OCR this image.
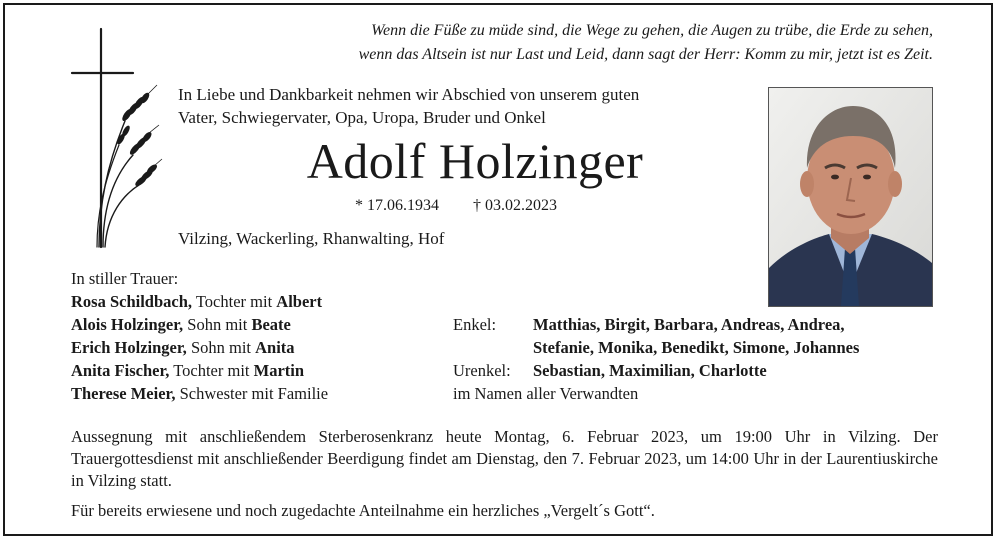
Wenn die Füße zu müde sind, die Wege zu gehen, die Augen zu trübe, die Erde zu sehen,
wenn das Altsein ist nur Last und Leid, dann sagt der Herr: Komm zu mir, jetzt ist es Zeit.
In Liebe und Dankbarkeit nehmen wir Abschied von unserem guten
Vater, Schwiegervater, Opa, Uropa, Bruder und Onkel
Adolf Holzinger
* 17.06.1934 † 03.02.2023
Vilzing, Wackerling, Rhanwalting, Hof
In stiller Trauer:
Rosa Schildbach, Tochter mit Albert
Alois Holzinger, Sohn mit Beate
Erich Holzinger, Sohn mit Anita
Anita Fischer, Tochter mit Martin
Therese Meier, Schwester mit Familie
Enkel:	Matthias, Birgit, Barbara, Andreas, Andrea,
Stefanie, Monika, Benedikt, Simone, Johannes
Urenkel:	Sebastian, Maximilian, Charlotte
im Namen aller Verwandten
Aussegnung mit anschließendem Sterberosenkranz heute Montag, 6. Februar 2023, um 19:00 Uhr in Vilzing. Der Trauergottesdienst mit anschließender Beerdigung findet am Dienstag, den 7. Februar 2023, um 14:00 Uhr in der Laurentiuskirche in Vilzing statt.
Für bereits erwiesene und noch zugedachte Anteilnahme ein herzliches „Vergelt´s Gott“.
